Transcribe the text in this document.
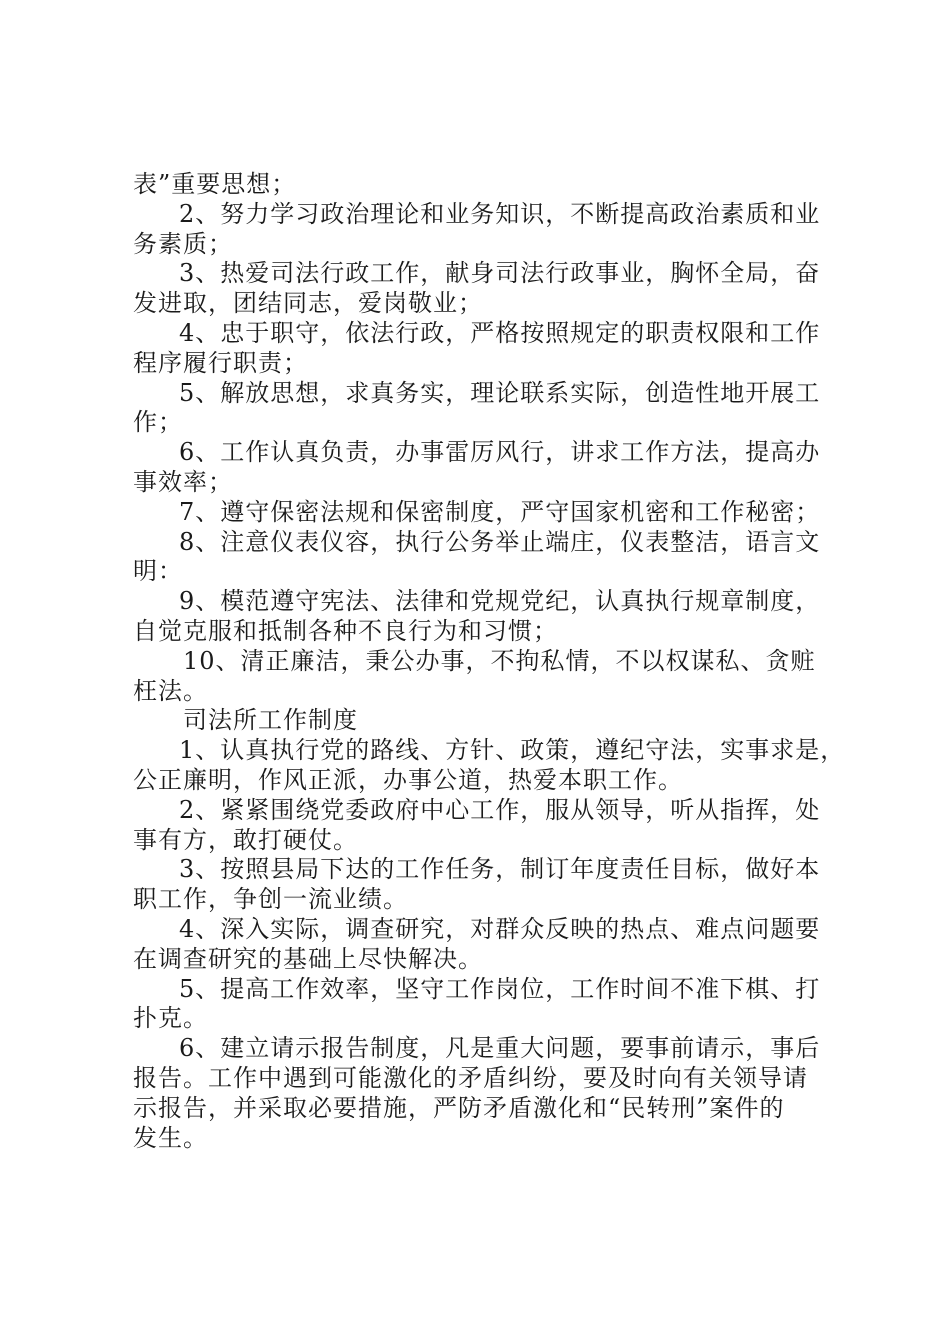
表”重要思想；
2、努力学习政治理论和业务知识，不断提高政治素质和业
务素质；
3、热爱司法行政工作，献身司法行政事业，胸怀全局，奋
发进取，团结同志，爱岗敬业；
4、忠于职守，依法行政，严格按照规定的职责权限和工作
程序履行职责；
5、解放思想，求真务实，理论联系实际，创造性地开展工
作；
6、工作认真负责，办事雷厉风行，讲求工作方法，提高办
事效率；
7、遵守保密法规和保密制度，严守国家机密和工作秘密；
8、注意仪表仪容，执行公务举止端庄，仪表整洁，语言文
明：
9、模范遵守宪法、法律和党规党纪，认真执行规章制度，
自觉克服和抵制各种不良行为和习惯；
10、清正廉洁，秉公办事，不拘私情，不以权谋私、贪赃
枉法。
司法所工作制度
1、认真执行党的路线、方针、政策，遵纪守法，实事求是，
公正廉明，作风正派，办事公道，热爱本职工作。
2、紧紧围绕党委政府中心工作，服从领导，听从指挥，处
事有方，敢打硬仗。
3、按照县局下达的工作任务，制订年度责任目标，做好本
职工作，争创一流业绩。
4、深入实际，调查研究，对群众反映的热点、难点问题要
在调查研究的基础上尽快解决。
5、提高工作效率，坚守工作岗位，工作时间不准下棋、打
扑克。
6、建立请示报告制度，凡是重大问题，要事前请示，事后
报告。工作中遇到可能激化的矛盾纠纷，要及时向有关领导请
示报告，并采取必要措施，严防矛盾激化和“民转刑”案件的
发生。
